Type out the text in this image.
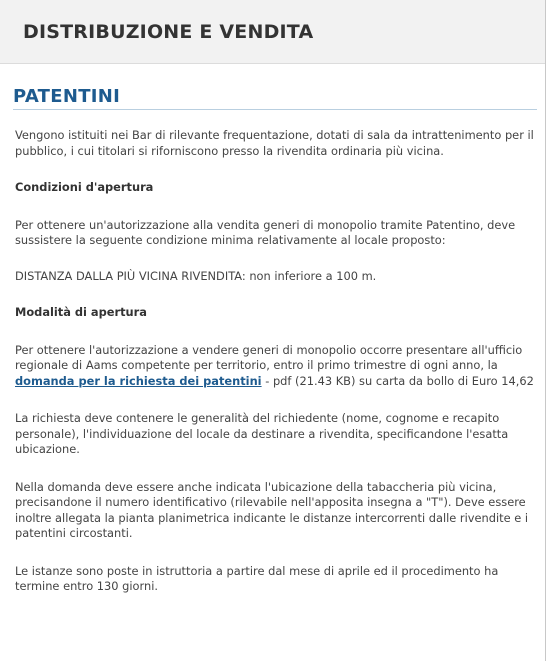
DISTRIBUZIONE E VENDITA
PATENTINI

Vengono istituiti nei Bar di rilevante frequentazione, dotati di sala da intrattenimento per il pubblico, i cui titolari si riforniscono presso la rivendita ordinaria più vicina.

Condizioni d'apertura

Per ottenere un'autorizzazione alla vendita generi di monopolio tramite Patentino, deve sussistere la seguente condizione minima relativamente al locale proposto:

DISTANZA DALLA PIÙ VICINA RIVENDITA: non inferiore a 100 m.

Modalità di apertura

Per ottenere l'autorizzazione a vendere generi di monopolio occorre presentare all'ufficio regionale di Aams competente per territorio, entro il primo trimestre di ogni anno, la domanda per la richiesta dei patentini - pdf (21.43 KB) su carta da bollo di Euro 14,62

La richiesta deve contenere le generalità del richiedente (nome, cognome e recapito personale), l'individuazione del locale da destinare a rivendita, specificandone l'esatta ubicazione.

Nella domanda deve essere anche indicata l'ubicazione della tabaccheria più vicina, precisandone il numero identificativo (rilevabile nell'apposita insegna a "T"). Deve essere inoltre allegata la pianta planimetrica indicante le distanze intercorrenti dalle rivendite e i patentini circostanti.

Le istanze sono poste in istruttoria a partire dal mese di aprile ed il procedimento ha termine entro 130 giorni.
